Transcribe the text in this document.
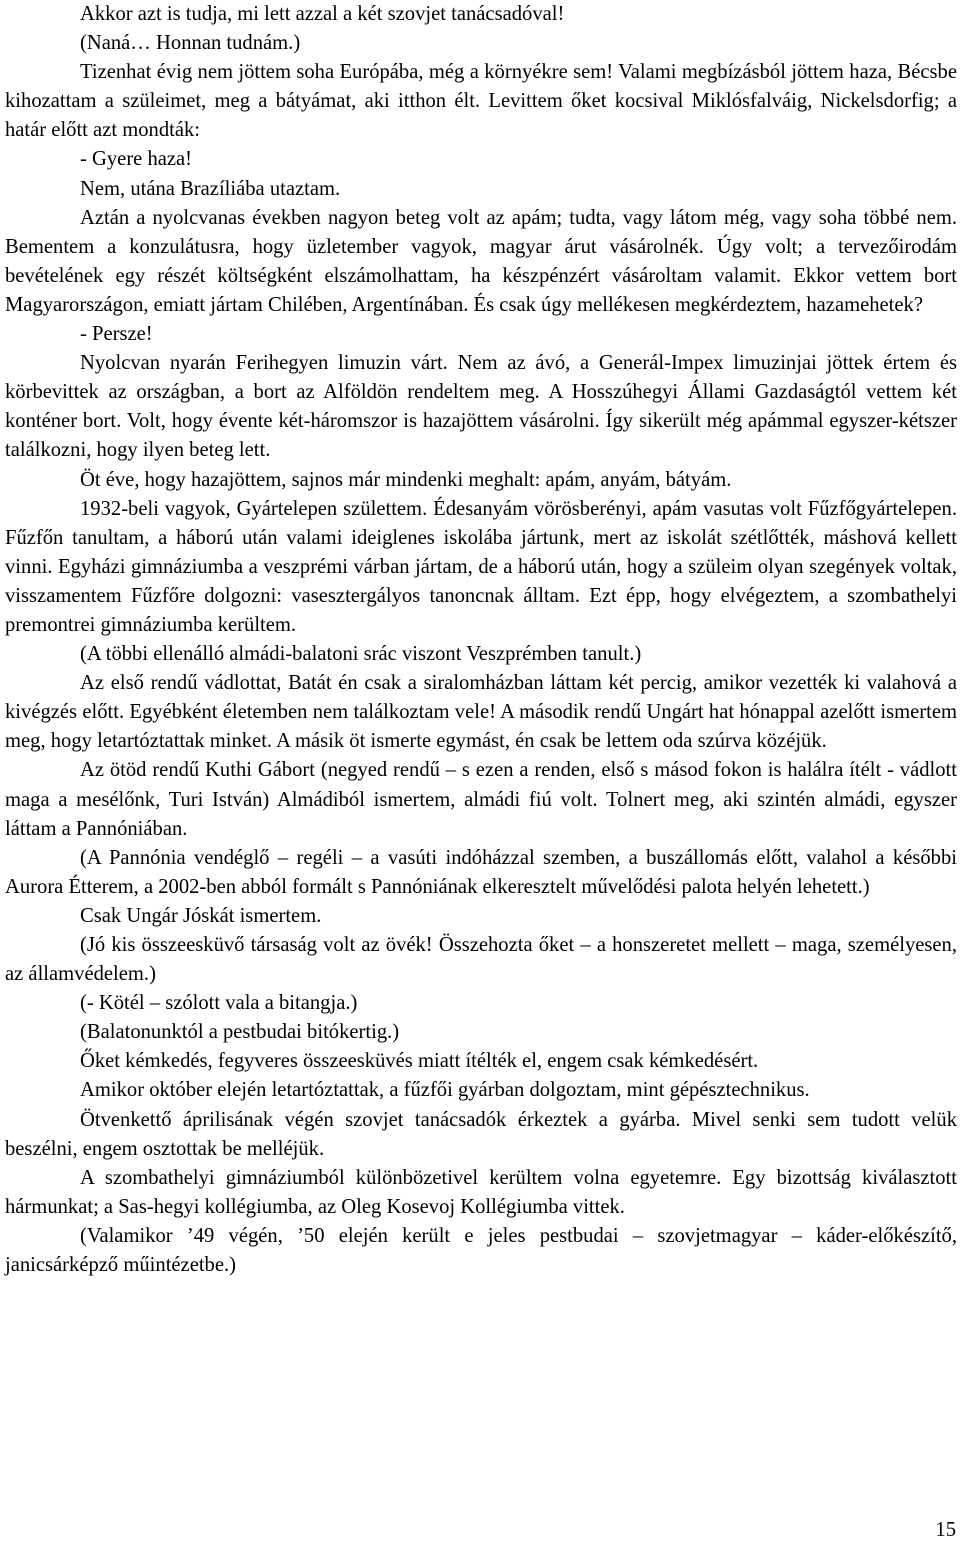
Akkor azt is tudja, mi lett azzal a két szovjet tanácsadóval!

(Naná… Honnan tudnám.)

Tizenhat évig nem jöttem soha Európába, még a környékre sem! Valami megbízásból jöttem haza, Bécsbe kihozattam a szüleimet, meg a bátyámat, aki itthon élt. Levittem őket kocsival Miklósfalváig, Nickelsdorfig; a határ előtt azt mondták:

- Gyere haza!

Nem, utána Brazíliába utaztam.

Aztán a nyolcvanas években nagyon beteg volt az apám; tudta, vagy látom még, vagy soha többé nem. Bementem a konzulátusra, hogy üzletember vagyok, magyar árut vásárolnék. Úgy volt; a tervezőirodám bevételének egy részét költségként elszámolhattam, ha készpénzért vásároltam valamit. Ekkor vettem bort Magyarországon, emiatt jártam Chilében, Argentínában. És csak úgy mellékesen megkérdeztem, hazamehetek?

- Persze!

Nyolcvan nyarán Ferihegyen limuzin várt. Nem az ávó, a Generál-Impex limuzinjai jöttek értem és körbevittek az országban, a bort az Alföldön rendeltem meg. A Hosszúhegyi Állami Gazdaságtól vettem két konténer bort. Volt, hogy évente két-háromszor is hazajöttem vásárolni. Így sikerült még apámmal egyszer-kétszer találkozni, hogy ilyen beteg lett.

Öt éve, hogy hazajöttem, sajnos már mindenki meghalt: apám, anyám, bátyám.

1932-beli vagyok, Gyártelepen születtem. Édesanyám vörösberényi, apám vasutas volt Fűzfőgyártelepen. Fűzfőn tanultam, a háború után valami ideiglenes iskolába jártunk, mert az iskolát szétlőtték, máshová kellett vinni. Egyházi gimnáziumba a veszprémi várban jártam, de a háború után, hogy a szüleim olyan szegények voltak, visszamentem Fűzfőre dolgozni: vasesztergályos tanoncnak álltam. Ezt épp, hogy elvégeztem, a szombathelyi premontrei gimnáziumba kerültem.

(A többi ellenálló almádi-balatoni srác viszont Veszprémben tanult.)

Az első rendű vádlottat, Batát én csak a siralomházban láttam két percig, amikor vezették ki valahová a kivégzés előtt. Egyébként életemben nem találkoztam vele! A második rendű Ungárt hat hónappal azelőtt ismertem meg, hogy letartóztattak minket. A másik öt ismerte egymást, én csak be lettem oda szúrva közéjük.

Az ötöd rendű Kuthi Gábort (negyed rendű – s ezen a renden, első s másod fokon is halálra ítélt - vádlott maga a mesélőnk, Turi István) Almádiból ismertem, almádi fiú volt. Tolnert meg, aki szintén almádi, egyszer láttam a Pannóniában.

(A Pannónia vendéglő – regéli – a vasúti indóházzal szemben, a buszállomás előtt, valahol a későbbi Aurora Étterem, a 2002-ben abból formált s Pannóniának elkeresztelt művelődési palota helyén lehetett.)

Csak Ungár Jóskát ismertem.

(Jó kis összeesküvő társaság volt az övék! Összehozta őket – a honszeretet mellett – maga, személyesen, az államvédelem.)

(- Kötél – szólott vala a bitangja.)

(Balatonunktól a pestbudai bitókertig.)

Őket kémkedés, fegyveres összeesküvés miatt ítélték el, engem csak kémkedésért.

Amikor október elején letartóztattak, a fűzfői gyárban dolgoztam, mint gépésztechnikus.

Ötvenkettő áprilisának végén szovjet tanácsadók érkeztek a gyárba. Mivel senki sem tudott velük beszélni, engem osztottak be melléjük.

A szombathelyi gimnáziumból különbözetivel kerültem volna egyetemre. Egy bizottság kiválasztott hármunkat; a Sas-hegyi kollégiumba, az Oleg Kosevoj Kollégiumba vittek.

(Valamikor ’49 végén, ’50 elején került e jeles pestbudai – szovjetmagyar – káder-előkészítő, janicsárképző műintézetbe.)

15
